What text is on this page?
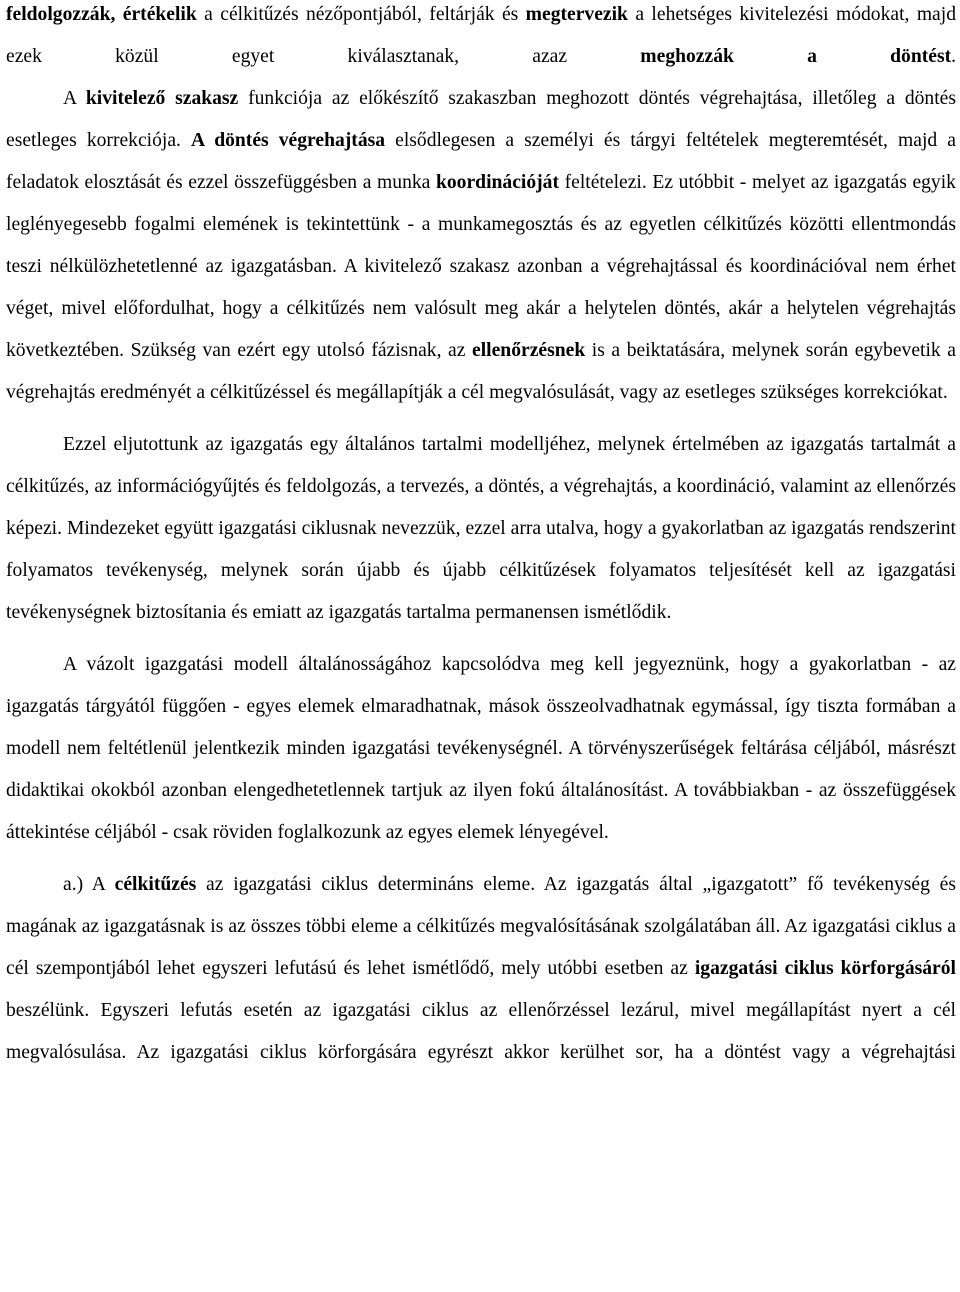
feldolgozzák, értékelik a célkitűzés nézőpontjából, feltárják és megtervezik a lehetséges kivitelezési módokat, majd ezek közül egyet kiválasztanak, azaz meghozzák a döntést.

A kivitelező szakasz funkciója az előkészítő szakaszban meghozott döntés végrehajtása, illetőleg a döntés esetleges korrekciója. A döntés végrehajtása elsődlegesen a személyi és tárgyi feltételek megteremtését, majd a feladatok elosztását és ezzel összefüggésben a munka koordinációját feltételezi. Ez utóbbit - melyet az igazgatás egyik leglényegesebb fogalmi elemének is tekintettünk - a munkamegosztás és az egyetlen célkitűzés közötti ellentmondás teszi nélkülözhetetlenné az igazgatásban. A kivitelező szakasz azonban a végrehajtással és koordinációval nem érhet véget, mivel előfordulhat, hogy a célkitűzés nem valósult meg akár a helytelen döntés, akár a helytelen végrehajtás következtében. Szükség van ezért egy utolsó fázisnak, az ellenőrzésnek is a beiktatására, melynek során egybevetik a végrehajtás eredményét a célkitűzéssel és megállapítják a cél megvalósulását, vagy az esetleges szükséges korrekciókat.

Ezzel eljutottunk az igazgatás egy általános tartalmi modelljéhez, melynek értelmében az igazgatás tartalmát a célkitűzés, az információgyűjtés és feldolgozás, a tervezés, a döntés, a végrehajtás, a koordináció, valamint az ellenőrzés képezi. Mindezeket együtt igazgatási ciklusnak nevezzük, ezzel arra utalva, hogy a gyakorlatban az igazgatás rendszerint folyamatos tevékenység, melynek során újabb és újabb célkitűzések folyamatos teljesítését kell az igazgatási tevékenységnek biztosítania és emiatt az igazgatás tartalma permanensen ismétlődik.

A vázolt igazgatási modell általánosságához kapcsolódva meg kell jegyeznünk, hogy a gyakorlatban - az igazgatás tárgyától függően - egyes elemek elmaradhatnak, mások összeolvadhatnak egymással, így tiszta formában a modell nem feltétlenül jelentkezik minden igazgatási tevékenységnél. A törvényszerűségek feltárása céljából, másrészt didaktikai okokból azonban elengedhetetlennek tartjuk az ilyen fokú általánosítást. A továbbiakban - az összefüggések áttekintése céljából - csak röviden foglalkozunk az egyes elemek lényegével.

a.) A célkitűzés az igazgatási ciklus determináns eleme. Az igazgatás által „igazgatott” fő tevékenység és magának az igazgatásnak is az összes többi eleme a célkitűzés megvalósításának szolgálatában áll. Az igazgatási ciklus a cél szempontjából lehet egyszeri lefutású és lehet ismétlődő, mely utóbbi esetben az igazgatási ciklus körforgásáról beszélünk. Egyszeri lefutás esetén az igazgatási ciklus az ellenőrzéssel lezárul, mivel megállapítást nyert a cél megvalósulása. Az igazgatási ciklus körforgására egyrészt akkor kerülhet sor, ha a döntést vagy a végrehajtási
